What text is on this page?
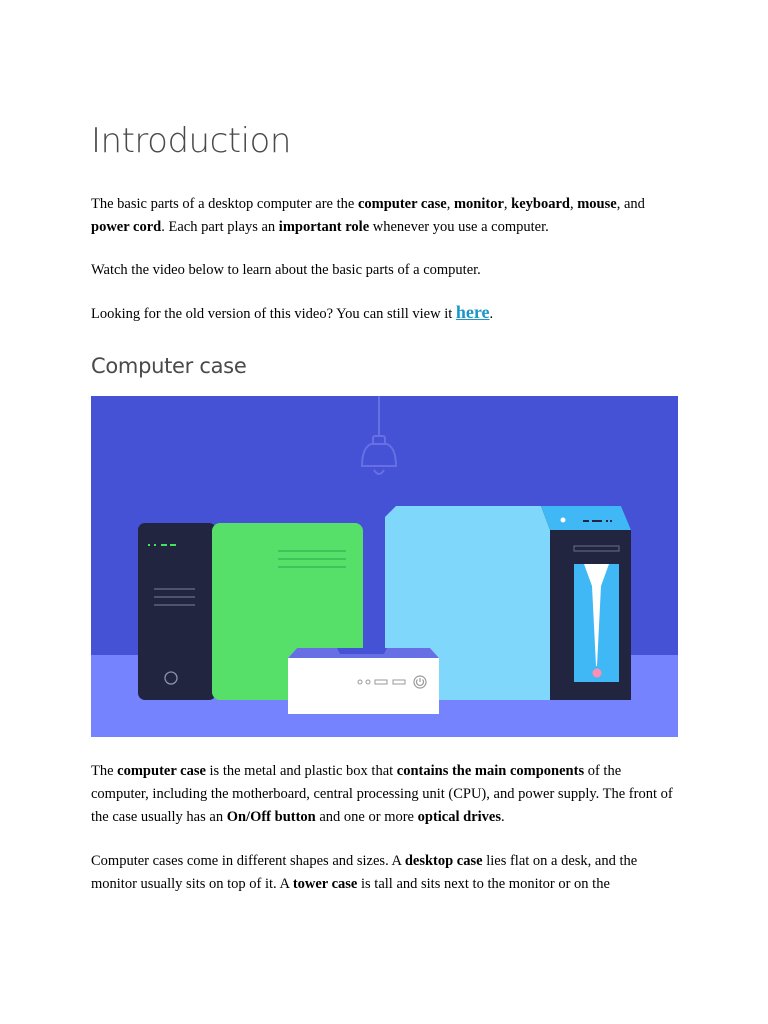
Introduction

The basic parts of a desktop computer are the computer case, monitor, keyboard, mouse, and power cord. Each part plays an important role whenever you use a computer.

Watch the video below to learn about the basic parts of a computer.

Looking for the old version of this video? You can still view it here.

Computer case

The computer case is the metal and plastic box that contains the main components of the computer, including the motherboard, central processing unit (CPU), and power supply. The front of the case usually has an On/Off button and one or more optical drives.

Computer cases come in different shapes and sizes. A desktop case lies flat on a desk, and the monitor usually sits on top of it. A tower case is tall and sits next to the monitor or on the
